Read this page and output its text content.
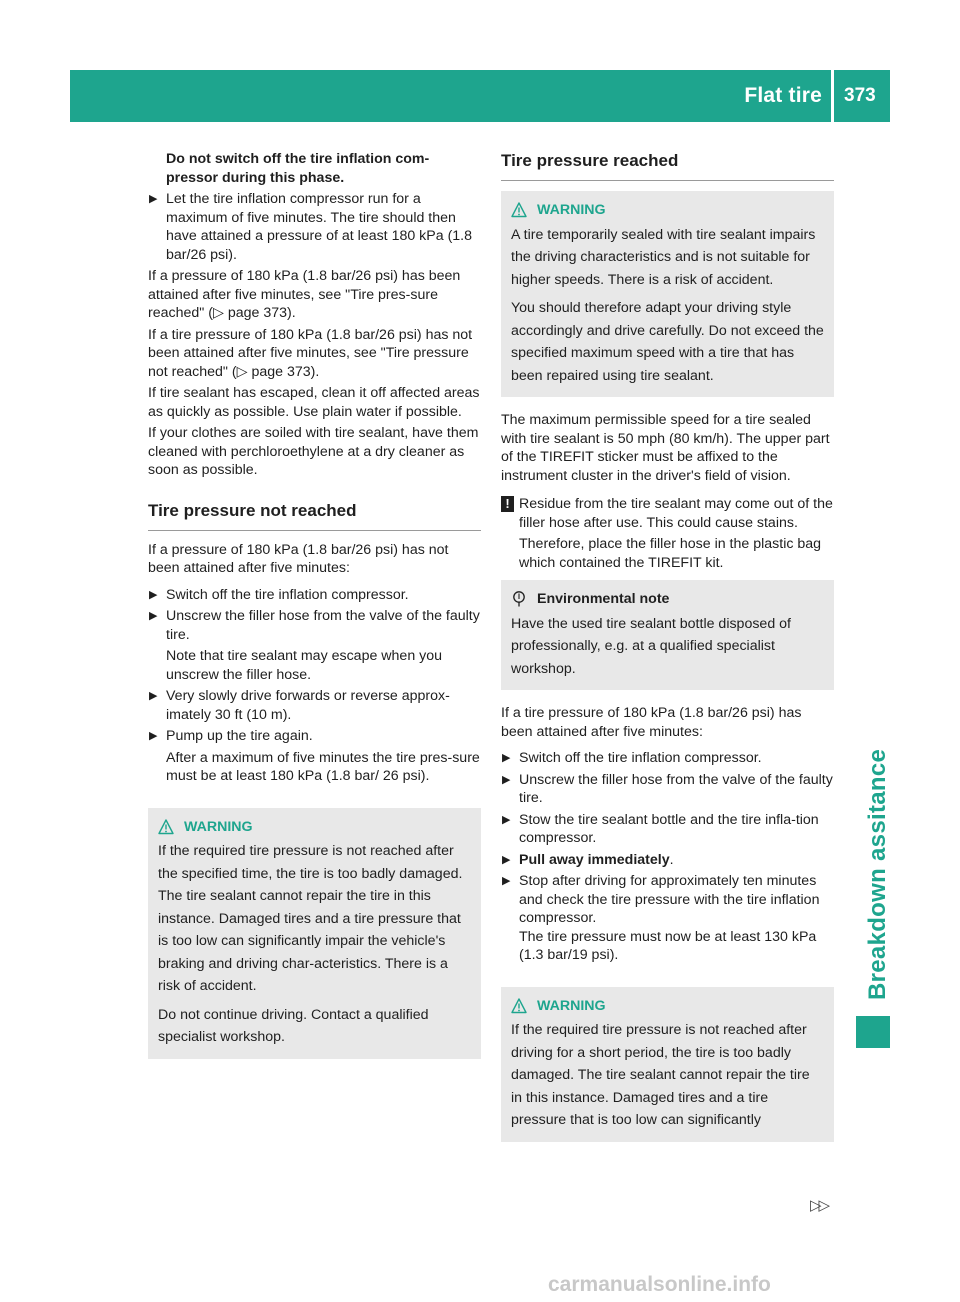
Flat tire 373
Breakdown assitance

Do not switch off the tire inflation com-pressor during this phase.

▶ Let the tire inflation compressor run for a maximum of five minutes. The tire should then have attained a pressure of at least 180 kPa (1.8 bar/26 psi).

If a pressure of 180 kPa (1.8 bar/26 psi) has been attained after five minutes, see "Tire pres-sure reached" (▷ page 373).

If a tire pressure of 180 kPa (1.8 bar/26 psi) has not been attained after five minutes, see "Tire pressure not reached" (▷ page 373).

If tire sealant has escaped, clean it off affected areas as quickly as possible. Use plain water if possible.

If your clothes are soiled with tire sealant, have them cleaned with perchloroethylene at a dry cleaner as soon as possible.

Tire pressure not reached

If a pressure of 180 kPa (1.8 bar/26 psi) has not been attained after five minutes:

▶ Switch off the tire inflation compressor.
▶ Unscrew the filler hose from the valve of the faulty tire.

Note that tire sealant may escape when you unscrew the filler hose.

▶ Very slowly drive forwards or reverse approx-imately 30 ft (10 m).
▶ Pump up the tire again.

After a maximum of five minutes the tire pres-sure must be at least 180 kPa (1.8 bar/ 26 psi).

WARNING

If the required tire pressure is not reached after the specified time, the tire is too badly damaged. The tire sealant cannot repair the tire in this instance. Damaged tires and a tire pressure that is too low can significantly impair the vehicle's braking and driving char-acteristics. There is a risk of accident.

Do not continue driving. Contact a qualified specialist workshop.

Tire pressure reached
WARNING

A tire temporarily sealed with tire sealant impairs the driving characteristics and is not suitable for higher speeds. There is a risk of accident.

You should therefore adapt your driving style accordingly and drive carefully. Do not exceed the specified maximum speed with a tire that has been repaired using tire sealant.

The maximum permissible speed for a tire sealed with tire sealant is 50 mph (80 km/h). The upper part of the TIREFIT sticker must be affixed to the instrument cluster in the driver's field of vision.

! Residue from the tire sealant may come out of the filler hose after use. This could cause stains.

Therefore, place the filler hose in the plastic bag which contained the TIREFIT kit.

Environmental note

Have the used tire sealant bottle disposed of professionally, e.g. at a qualified specialist workshop.

If a tire pressure of 180 kPa (1.8 bar/26 psi) has been attained after five minutes:

▶ Switch off the tire inflation compressor.
▶ Unscrew the filler hose from the valve of the faulty tire.
▶ Stow the tire sealant bottle and the tire infla-tion compressor.
▶ Pull away immediately.
▶ Stop after driving for approximately ten minutes and check the tire pressure with the tire inflation compressor.

The tire pressure must now be at least 130 kPa (1.3 bar/19 psi).

WARNING

If the required tire pressure is not reached after driving for a short period, the tire is too badly damaged. The tire sealant cannot repair the tire in this instance. Damaged tires and a tire pressure that is too low can significantly

▷▷
carmanualsonline.info
